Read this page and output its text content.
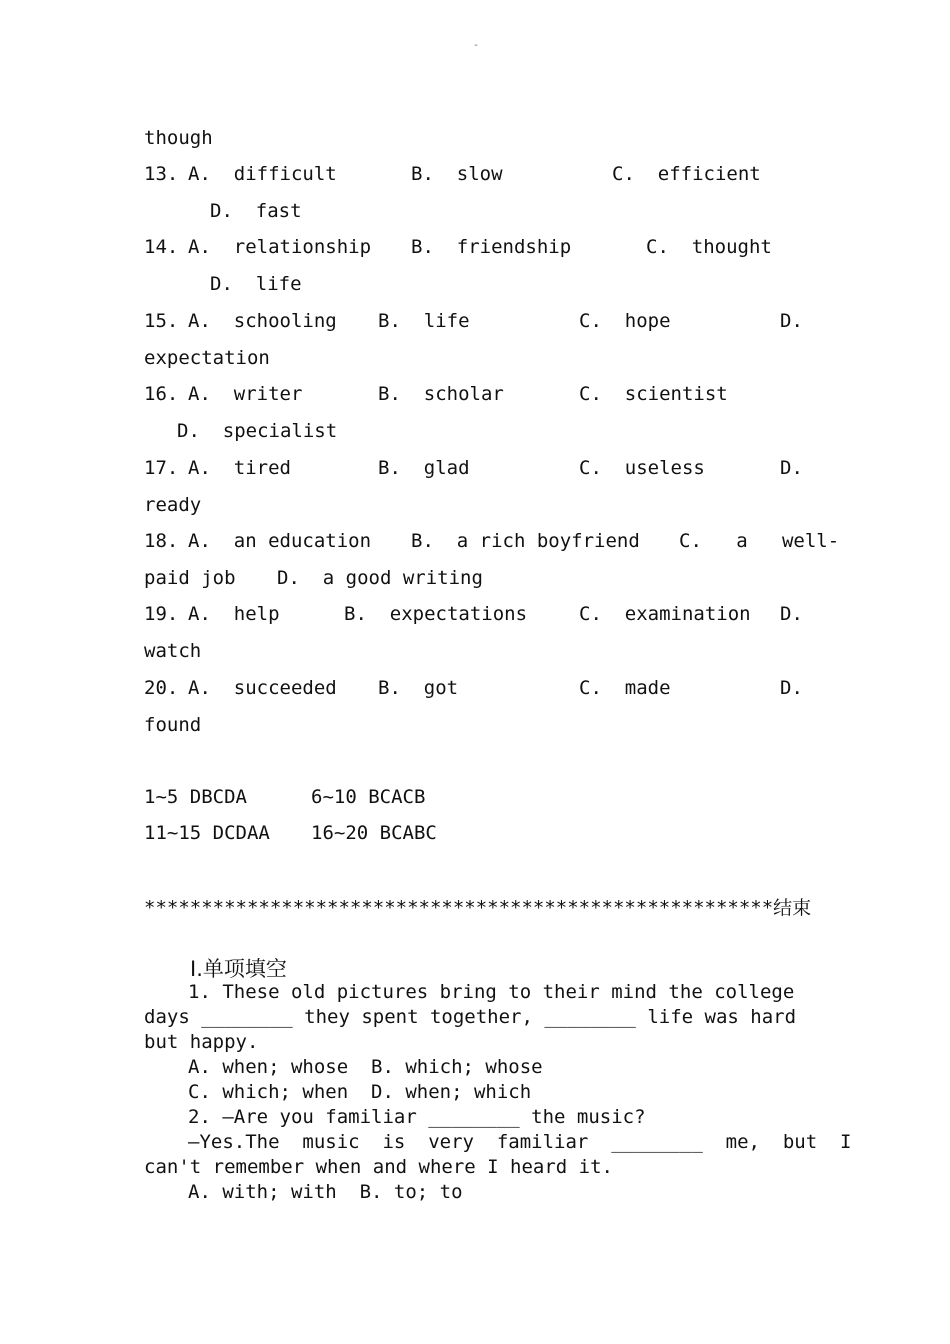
-
though
13. A.  difficult	B.  slow	C.  efficient
D.  fast
14. A.  relationship B.  friendship	C.  thought
D.  life
15. A.  schooling B.  life	C.  hope	D.
expectation
16. A.  writer	B.  scholar	C.  scientist
D.  specialist
17. A.  tired	B.  glad	C.  useless	D.
ready
18. A.  an education B.  a rich boyfriend C.   a   well-
paid job D.  a good writing
19. A.  help	B.  expectations	C.  examination D.
watch
20. A.  succeeded B.  got	C.  made	D.
found
1~5 DBCDA	6~10 BCACB
11~15 DCDAA 16~20 BCABC
*******************************************************结束
Ⅰ.单项填空
1. These old pictures bring to their mind the college
days ________ they spent together, ________ life was hard
but happy.
A. when; whose  B. which; whose
C. which; when  D. when; which
2. —Are you familiar ________ the music?
—Yes.The  music  is  very  familiar  ________  me,  but  I
can't remember when and where I heard it.
A. with; with  B. to; to
